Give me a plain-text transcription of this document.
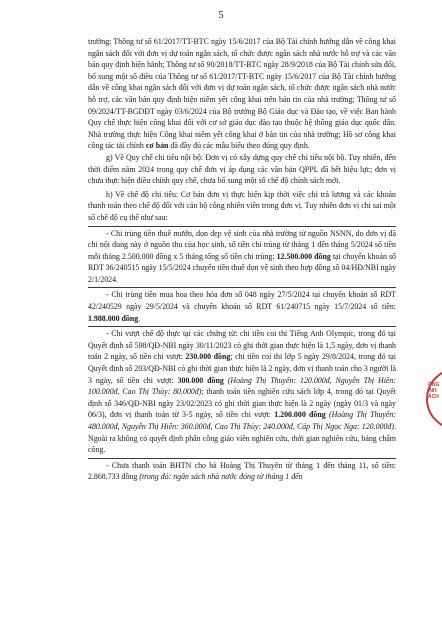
5

trường; Thông tư số 61/2017/TT-BTC ngày 15/6/2017 của Bộ Tài chính hướng dẫn về công khai ngân sách đối với đơn vị dự toán ngân sách, tổ chức được ngân sách nhà nước hỗ trợ và các văn bản quy định hiện hành; Thông tư số 90/2018/TT-BTC ngày 28/9/2018 của Bộ Tài chính sửa đổi, bổ sung một số điều của Thông tư số 61/2017/TT-BTC ngày 15/6/2017 của Bộ Tài chính hướng dẫn về công khai ngân sách đối với đơn vị dự toán ngân sách, tổ chức được ngân sách nhà nước hỗ trợ, các văn bản quy định hiện niêm yết công khai trên bản tin của nhà trường; Thông tư số 09/2024/TT-BGDĐT ngày 03/6/2024 của Bộ trưởng Bộ Giáo dục và Đào tạo, về việc Ban hành Quy chế thực hiện công khai đối với cơ sở giáo dục đào tạo thuộc hệ thống giáo dục quốc dân. Nhà trường thực hiện Công khai niêm yết công khai ở bản tin của nhà trường; Hồ sơ công khai công tác tài chính cơ bản đã đầy đủ các mẫu biểu theo đúng quy định.

g) Về Quy chế chi tiêu nội bộ: Đơn vị có xây dựng quy chế chi tiêu nội bộ. Tuy nhiên, đến thời điểm năm 2024 trong quy chế đơn vị áp dụng các văn bản QPPL đã hết hiệu lực; đơn vị chưa thực hiện điều chỉnh quy chế, chưa bổ sung một số chế độ chính sách mới.

h) Về chế độ chi tiêu: Cơ bản đơn vị thực hiện kịp thời việc chi trả lương và các khoản thanh toán theo chế độ đối với cán bộ công nhiên viên trong đơn vị. Tuy nhiên đơn vị chi sai một số chế độ cụ thể như sau:

- Chi trùng tiền thuê mướn, dọn dẹp vệ sinh của nhà trường từ nguồn NSNN, do đơn vị đã chi nội dung này ở nguồn thu của học sinh, số tiền chi trùng từ tháng 1 đến tháng 5/2024 số tiền mỗi tháng 2.500.000 đồng x 5 tháng tổng số tiền chi trùng: 12.500.000 đồng tại chuyển khoản số RDT 36/240515 ngày 15/5/2024 chuyển tiền thuê dọn vệ sinh theo hợp đồng số 04/HĐ/NBI ngày 2/1/2024.

- Chi trùng tiền mua hoa theo hóa đơn số 048 ngày 27/5/2024 tại chuyển khoản số RDT 42/240529 ngày 29/5/2024 và chuyển khoản số RDT 61/240715 ngày 15/7/2024 số tiền: 1.988.000 đồng.

- Chi vượt chế độ thực tại các chứng từ: chi tiền coi thi Tiếng Anh Olympic, trong đó tại Quyết định số 598/QĐ-NBI ngày 30/11/2023 có ghi thời gian thực hiện là 1,5 ngày, đơn vị thanh toán 2 ngày, số tiền chi vượt: 230.000 đồng; chi tiền coi thi lớp 5 ngày 29/8/2024, trong đó tại Quyết định số 203/QĐ-NBI có ghi thời gian thực hiện là 2 ngày, đơn vị thanh toán cho 3 người là 3 ngày, số tiền chi vượt: 300.000 đồng (Hoàng Thị Thuyên: 120.000đ, Nguyễn Thị Hiên: 100.000đ, Cao Thị Thùy: 80.000đ); thanh toán tiền nghiên cứu sách lớp 4, trong đó tại Quyết định số 346/QĐ-NBI ngày 23/02/2023 có ghi thời gian thực hiện là 2 ngày (ngày 01/3 và ngày 06/3), đơn vị thanh toán từ 3-5 ngày, số tiền chi vượt: 1.200.000 đồng (Hoàng Thị Thuyên: 480.000đ, Nguyễn Thị Hiên: 360.000đ, Cao Thị Thùy: 240.000đ, Cáp Thị Ngọc Nga: 120.000đ). Ngoài ra không có quyết định phân công giáo viên nghiên cứu, thời gian nghiên cứu, bảng chấm công.

- Chưa thanh toán BHTN cho bà Hoàng Thị Thuyên từ tháng 1 đến tháng 11, số tiền: 2.868.733 đồng (trong đó: ngân sách nhà nước đóng từ tháng 1 đến

ÓNG
INH
ÁCH
